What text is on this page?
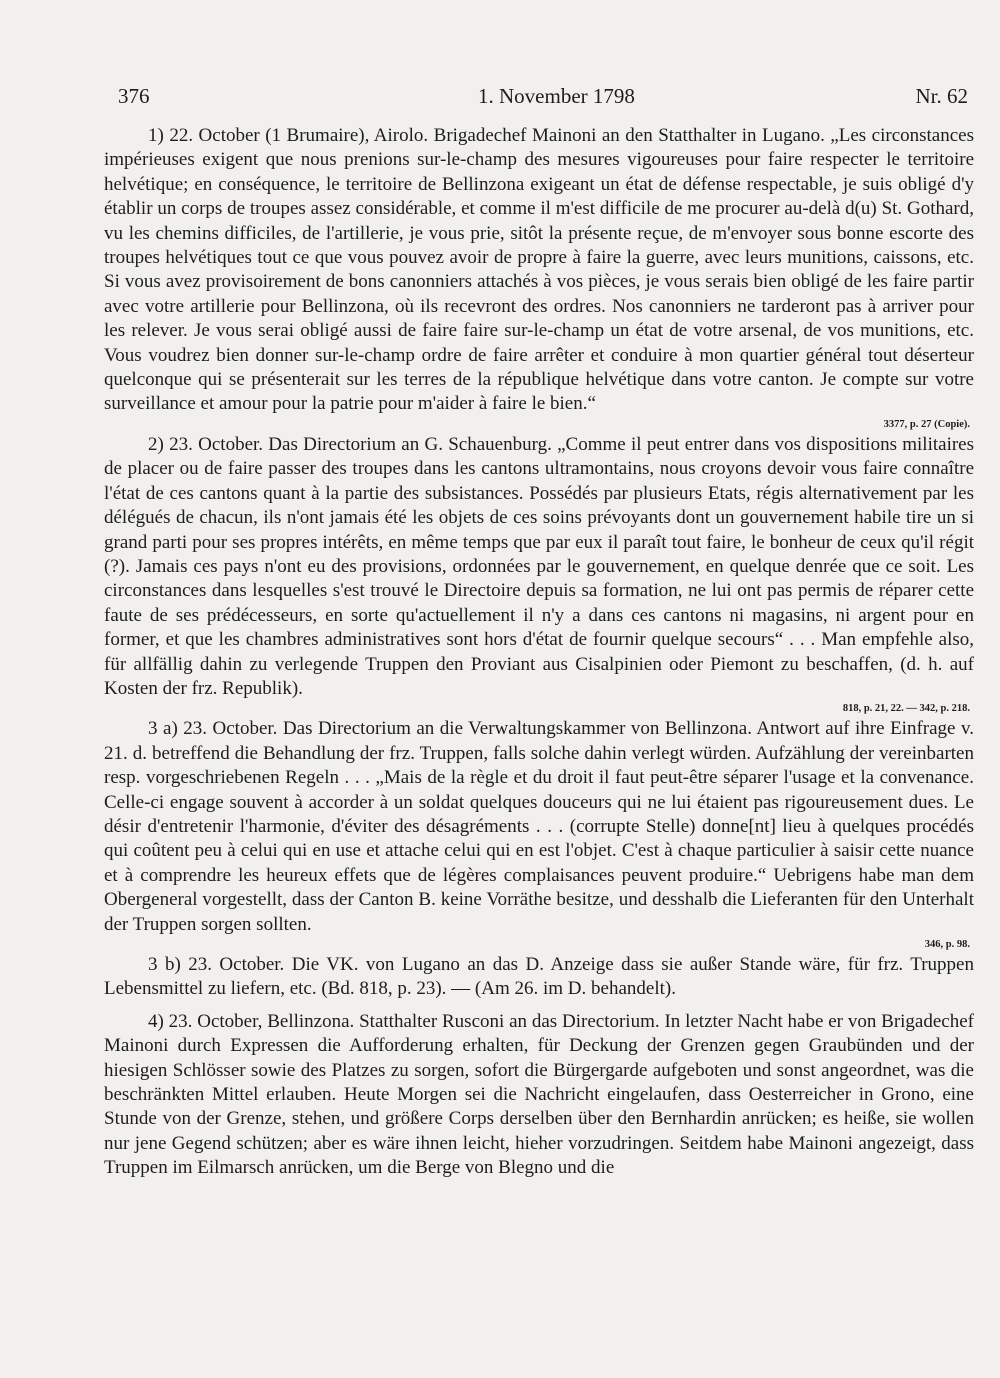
376	1. November 1798	Nr. 62

1) 22. October (1 Brumaire), Airolo. Brigadechef Mainoni an den Statthalter in Lugano. „Les circonstances impérieuses exigent que nous prenions sur-le-champ des mesures vigoureuses pour faire respecter le territoire helvétique; en conséquence, le territoire de Bellinzona exigeant un état de défense respectable, je suis obligé d'y établir un corps de troupes assez considérable, et comme il m'est difficile de me procurer au-delà d(u) St. Gothard, vu les chemins difficiles, de l'artillerie, je vous prie, sitôt la présente reçue, de m'envoyer sous bonne escorte des troupes helvétiques tout ce que vous pouvez avoir de propre à faire la guerre, avec leurs munitions, caissons, etc. Si vous avez provisoirement de bons canonniers attachés à vos pièces, je vous serais bien obligé de les faire partir avec votre artillerie pour Bellinzona, où ils recevront des ordres. Nos canonniers ne tarderont pas à arriver pour les relever. Je vous serai obligé aussi de faire faire sur-le-champ un état de votre arsenal, de vos munitions, etc. Vous voudrez bien donner sur-le-champ ordre de faire arrêter et conduire à mon quartier général tout déserteur quelconque qui se présenterait sur les terres de la république helvétique dans votre canton. Je compte sur votre surveillance et amour pour la patrie pour m'aider à faire le bien.“

3377, p. 27 (Copie).

2) 23. October. Das Directorium an G. Schauenburg. „Comme il peut entrer dans vos dispositions militaires de placer ou de faire passer des troupes dans les cantons ultramontains, nous croyons devoir vous faire connaître l'état de ces cantons quant à la partie des subsistances. Possédés par plusieurs Etats, régis alternativement par les délégués de chacun, ils n'ont jamais été les objets de ces soins prévoyants dont un gouvernement habile tire un si grand parti pour ses propres intérêts, en même temps que par eux il paraît tout faire, le bonheur de ceux qu'il régit (?). Jamais ces pays n'ont eu des provisions, ordonnées par le gouvernement, en quelque denrée que ce soit. Les circonstances dans lesquelles s'est trouvé le Directoire depuis sa formation, ne lui ont pas permis de réparer cette faute de ses prédécesseurs, en sorte qu'actuellement il n'y a dans ces cantons ni magasins, ni argent pour en former, et que les chambres administratives sont hors d'état de fournir quelque secours“ . . . Man empfehle also, für allfällig dahin zu verlegende Truppen den Proviant aus Cisalpinien oder Piemont zu beschaffen, (d. h. auf Kosten der frz. Republik).

818, p. 21, 22. — 342, p. 218.

3 a) 23. October. Das Directorium an die Verwaltungskammer von Bellinzona. Antwort auf ihre Einfrage v. 21. d. betreffend die Behandlung der frz. Truppen, falls solche dahin verlegt würden. Aufzählung der vereinbarten resp. vorgeschriebenen Regeln . . . „Mais de la règle et du droit il faut peut-être séparer l'usage et la convenance. Celle-ci engage souvent à accorder à un soldat quelques douceurs qui ne lui étaient pas rigoureusement dues. Le désir d'entretenir l'harmonie, d'éviter des désagréments . . . (corrupte Stelle) donne[nt] lieu à quelques procédés qui coûtent peu à celui qui en use et attache celui qui en est l'objet. C'est à chaque particulier à saisir cette nuance et à comprendre les heureux effets que de légères complaisances peuvent produire.“ Uebrigens habe man dem Obergeneral vorgestellt, dass der Canton B. keine Vorräthe besitze, und desshalb die Lieferanten für den Unterhalt der Truppen sorgen sollten.

346, p. 98.

3 b) 23. October. Die VK. von Lugano an das D. Anzeige dass sie außer Stande wäre, für frz. Truppen Lebensmittel zu liefern, etc. (Bd. 818, p. 23). — (Am 26. im D. behandelt).

4) 23. October, Bellinzona. Statthalter Rusconi an das Directorium. In letzter Nacht habe er von Brigadechef Mainoni durch Expressen die Aufforderung erhalten, für Deckung der Grenzen gegen Graubünden und der hiesigen Schlösser sowie des Platzes zu sorgen, sofort die Bürgergarde aufgeboten und sonst angeordnet, was die beschränkten Mittel erlauben. Heute Morgen sei die Nachricht eingelaufen, dass Oesterreicher in Grono, eine Stunde von der Grenze, stehen, und größere Corps derselben über den Bernhardin anrücken; es heiße, sie wollen nur jene Gegend schützen; aber es wäre ihnen leicht, hieher vorzudringen. Seitdem habe Mainoni angezeigt, dass Truppen im Eilmarsch anrücken, um die Berge von Blegno und die
